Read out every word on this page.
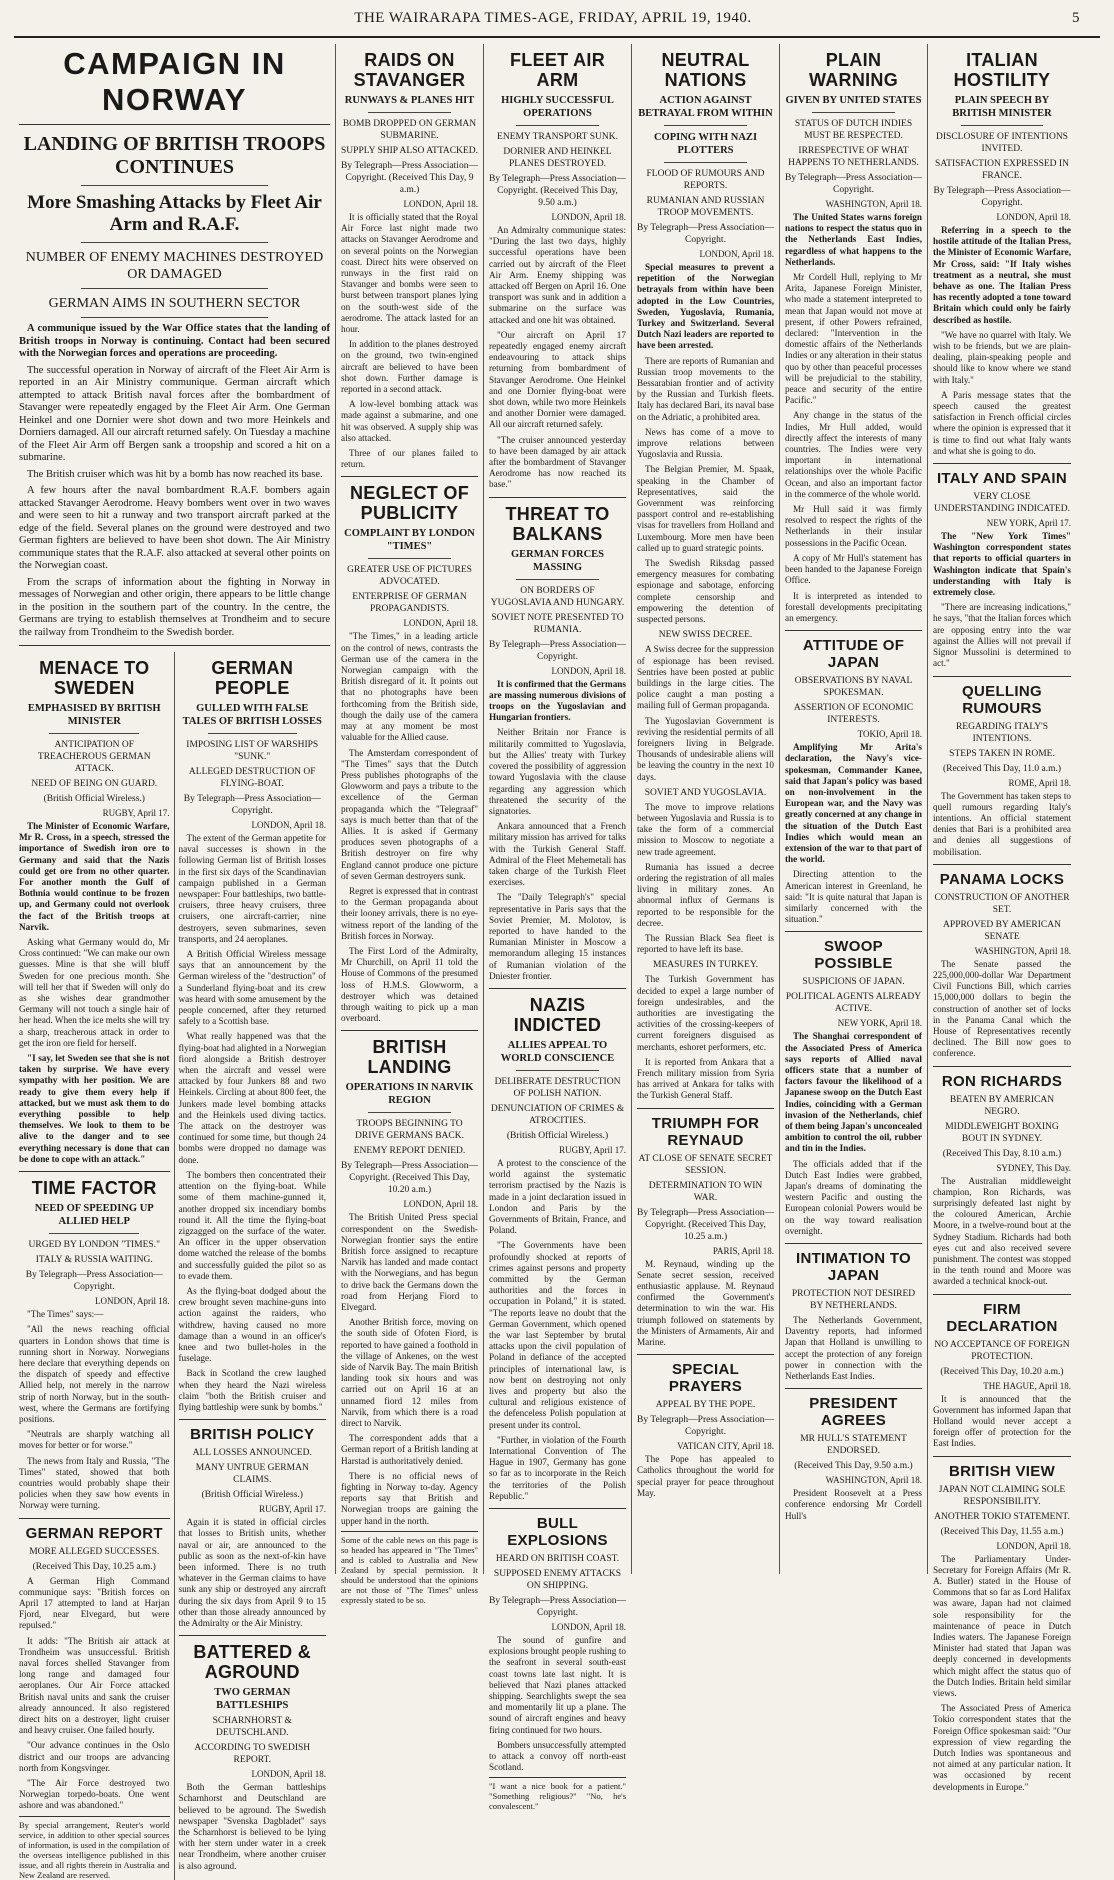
THE WAIRARAPA TIMES-AGE, FRIDAY, APRIL 19, 1940.	5
CAMPAIGN IN NORWAY
LANDING OF BRITISH TROOPS CONTINUES
More Smashing Attacks by Fleet Air Arm and R.A.F.
NUMBER OF ENEMY MACHINES DESTROYED OR DAMAGED
GERMAN AIMS IN SOUTHERN SECTOR

A communique issued by the War Office states that the landing of British troops in Norway is continuing. Contact had been secured with the Norwegian forces and operations are proceeding.

The successful operation in Norway of aircraft of the Fleet Air Arm is reported in an Air Ministry communique. German aircraft which attempted to attack British naval forces after the bombardment of Stavanger were repeatedly engaged by the Fleet Air Arm. One German Heinkel and one Dornier were shot down and two more Heinkels and Dorniers damaged. All our aircraft returned safely. On Tuesday a machine of the Fleet Air Arm off Bergen sank a troopship and scored a hit on a submarine.

The British cruiser which was hit by a bomb has now reached its base.

A few hours after the naval bombardment R.A.F. bombers again attacked Stavanger Aerodrome. Heavy bombers went over in two waves and were seen to hit a runway and two transport aircraft parked at the edge of the field. Several planes on the ground were destroyed and two German fighters are believed to have been shot down. The Air Ministry communique states that the R.A.F. also attacked at several other points on the Norwegian coast.

From the scraps of information about the fighting in Norway in messages of Norwegian and other origin, there appears to be little change in the position in the southern part of the country. In the centre, the Germans are trying to establish themselves at Trondheim and to secure the railway from Trondheim to the Swedish border.

MENACE TO SWEDEN
EMPHASISED BY BRITISH MINISTER
ANTICIPATION OF TREACHEROUS GERMAN ATTACK.
NEED OF BEING ON GUARD.
(British Official Wireless.)
RUGBY, April 17.

The Minister of Economic Warfare, Mr R. Cross, in a speech, stressed the importance of Swedish iron ore to Germany and said that the Nazis could get ore from no other quarter. For another month the Gulf of Bothnia would continue to be frozen up, and Germany could not overlook the fact of the British troops at Narvik.

Asking what Germany would do, Mr Cross continued: "We can make our own guesses. Mine is that she will bluff Sweden for one precious month. She will tell her that if Sweden will only do as she wishes dear grandmother Germany will not touch a single hair of her head. When the ice melts she will try a sharp, treacherous attack in order to get the iron ore field for herself.

"I say, let Sweden see that she is not taken by surprise. We have every sympathy with her position. We are ready to give them every help if attacked, but we must ask them to do everything possible to help themselves. We look to them to be alive to the danger and to see everything necessary is done that can be done to cope with an attack."

TIME FACTOR
NEED OF SPEEDING UP ALLIED HELP
URGED BY LONDON "TIMES."
ITALY & RUSSIA WAITING.
By Telegraph—Press Association—Copyright.
LONDON, April 18.

"The Times" says:—

"All the news reaching official quarters in London shows that time is running short in Norway. Norwegians here declare that everything depends on the dispatch of speedy and effective Allied help, not merely in the narrow strip of north Norway, but in the south-west, where the Germans are fortifying positions.

"Neutrals are sharply watching all moves for better or for worse."

The news from Italy and Russia, "The Times" stated, showed that both countries would probably shape their policies when they saw how events in Norway were turning.

GERMAN REPORT
MORE ALLEGED SUCCESSES.
(Received This Day, 10.25 a.m.)

A German High Command communique says: "British forces on April 17 attempted to land at Harjan Fjord, near Elvegard, but were repulsed."

It adds: "The British air attack at Trondheim was unsuccessful. British naval forces shelled Stavanger from long range and damaged four aeroplanes. Our Air Force attacked British naval units and sank the cruiser already announced. It also registered direct hits on a destroyer, light cruiser and heavy cruiser. One failed hourly.

"Our advance continues in the Oslo district and our troops are advancing north from Kongsvinger.

"The Air Force destroyed two Norwegian torpedo-boats. One went ashore and was abandoned."

By special arrangement, Reuter's world service, in addition to other special sources of information, is used in the compilation of the overseas intelligence published in this issue, and all rights therein in Australia and New Zealand are reserved.
GERMAN PEOPLE
GULLED WITH FALSE TALES OF BRITISH LOSSES
IMPOSING LIST OF WARSHIPS "SUNK."
ALLEGED DESTRUCTION OF FLYING-BOAT.
By Telegraph—Press Association—Copyright.
LONDON, April 18.

The extent of the German appetite for naval successes is shown in the following German list of British losses in the first six days of the Scandinavian campaign published in a German newspaper: Four battleships, two battle-cruisers, three heavy cruisers, three cruisers, one aircraft-carrier, nine destroyers, seven submarines, seven transports, and 24 aeroplanes.

A British Official Wireless message says that an announcement by the German wireless of the "destruction" of a Sunderland flying-boat and its crew was heard with some amusement by the people concerned, after they returned safely to a Scottish base.

What really happened was that the flying-boat had alighted in a Norwegian fiord alongside a British destroyer when the aircraft and vessel were attacked by four Junkers 88 and two Heinkels. Circling at about 800 feet, the Junkers made level bombing attacks and the Heinkels used diving tactics. The attack on the destroyer was continued for some time, but though 24 bombs were dropped no damage was done.

The bombers then concentrated their attention on the flying-boat. While some of them machine-gunned it, another dropped six incendiary bombs round it. All the time the flying-boat zigzagged on the surface of the water. An officer in the upper observation dome watched the release of the bombs and successfully guided the pilot so as to evade them.

As the flying-boat dodged about the crew brought seven machine-guns into action against the raiders, who withdrew, having caused no more damage than a wound in an officer's knee and two bullet-holes in the fuselage.

Back in Scotland the crew laughed when they heard the Nazi wireless claim "both the British cruiser and flying battleship were sunk by bombs."

BRITISH POLICY
ALL LOSSES ANNOUNCED.
MANY UNTRUE GERMAN CLAIMS.
(British Official Wireless.)
RUGBY, April 17.

Again it is stated in official circles that losses to British units, whether naval or air, are announced to the public as soon as the next-of-kin have been informed. There is no truth whatever in the German claims to have sunk any ship or destroyed any aircraft during the six days from April 9 to 15 other than those already announced by the Admiralty or the Air Ministry.

BATTERED & AGROUND
TWO GERMAN BATTLESHIPS
SCHARNHORST & DEUTSCHLAND.
ACCORDING TO SWEDISH REPORT.
LONDON, April 18.

Both the German battleships Scharnhorst and Deutschland are believed to be aground. The Swedish newspaper "Svenska Dagbladet" says the Scharnhorst is believed to be lying with her stern under water in a creek near Trondheim, where another cruiser is also aground.

RAIDS ON STAVANGER
RUNWAYS & PLANES HIT
BOMB DROPPED ON GERMAN SUBMARINE.
SUPPLY SHIP ALSO ATTACKED.
By Telegraph—Press Association—Copyright. (Received This Day, 9 a.m.)
LONDON, April 18.

It is officially stated that the Royal Air Force last night made two attacks on Stavanger Aerodrome and on several points on the Norwegian coast. Direct hits were observed on runways in the first raid on Stavanger and bombs were seen to burst between transport planes lying on the south-west side of the aerodrome. The attack lasted for an hour.

In addition to the planes destroyed on the ground, two twin-engined aircraft are believed to have been shot down. Further damage is reported in a second attack.

A low-level bombing attack was made against a submarine, and one hit was observed. A supply ship was also attacked.

Three of our planes failed to return.

NEGLECT OF PUBLICITY
COMPLAINT BY LONDON "TIMES"
GREATER USE OF PICTURES ADVOCATED.
ENTERPRISE OF GERMAN PROPAGANDISTS.
LONDON, April 18.

"The Times," in a leading article on the control of news, contrasts the German use of the camera in the Norwegian campaign with the British disregard of it. It points out that no photographs have been forthcoming from the British side, though the daily use of the camera may at any moment be most valuable for the Allied cause.

The Amsterdam correspondent of "The Times" says that the Dutch Press publishes photographs of the Glowworm and pays a tribute to the excellence of the German propaganda which the "Telegraaf" says is much better than that of the Allies. It is asked if Germany produces seven photographs of a British destroyer on fire why England cannot produce one picture of seven German destroyers sunk.

Regret is expressed that in contrast to the German propaganda about their looney arrivals, there is no eye-witness report of the landing of the British forces in Norway.

The First Lord of the Admiralty, Mr Churchill, on April 11 told the House of Commons of the presumed loss of H.M.S. Glowworm, a destroyer which was detained through waiting to pick up a man overboard.

BRITISH LANDING
OPERATIONS IN NARVIK REGION
TROOPS BEGINNING TO DRIVE GERMANS BACK.
ENEMY REPORT DENIED.
By Telegraph—Press Association—Copyright. (Received This Day, 10.20 a.m.)
LONDON, April 18.

The British United Press special correspondent on the Swedish-Norwegian frontier says the entire British force assigned to recapture Narvik has landed and made contact with the Norwegians, and has begun to drive back the Germans down the road from Herjang Fiord to Elvegard.

Another British force, moving on the south side of Ofoten Fiord, is reported to have gained a foothold in the village of Ankenes, on the west side of Narvik Bay. The main British landing took six hours and was carried out on April 16 at an unnamed fiord 12 miles from Narvik, from which there is a road direct to Narvik.

The correspondent adds that a German report of a British landing at Harstad is authoritatively denied.

There is no official news of fighting in Norway to-day. Agency reports say that British and Norwegian troops are gaining the upper hand in the north.

Some of the cable news on this page is so headed has appeared in "The Times" and is cabled to Australia and New Zealand by special permission. It should be understood that the opinions are not those of "The Times" unless expressly stated to be so.
FLEET AIR ARM
HIGHLY SUCCESSFUL OPERATIONS
ENEMY TRANSPORT SUNK.
DORNIER AND HEINKEL PLANES DESTROYED.
By Telegraph—Press Association—Copyright. (Received This Day, 9.50 a.m.)
LONDON, April 18.

An Admiralty communique states: "During the last two days, highly successful operations have been carried out by aircraft of the Fleet Air Arm. Enemy shipping was attacked off Bergen on April 16. One transport was sunk and in addition a submarine on the surface was attacked and one hit was obtained.

"Our aircraft on April 17 repeatedly engaged enemy aircraft endeavouring to attack ships returning from bombardment of Stavanger Aerodrome. One Heinkel and one Dornier flying-boat were shot down, while two more Heinkels and another Dornier were damaged. All our aircraft returned safely.

"The cruiser announced yesterday to have been damaged by air attack after the bombardment of Stavanger Aerodrome has now reached its base."

THREAT TO BALKANS
GERMAN FORCES MASSING
ON BORDERS OF YUGOSLAVIA AND HUNGARY.
SOVIET NOTE PRESENTED TO RUMANIA.
By Telegraph—Press Association—Copyright.
LONDON, April 18.

It is confirmed that the Germans are massing numerous divisions of troops on the Yugoslavian and Hungarian frontiers.

Neither Britain nor France is militarily committed to Yugoslavia, but the Allies' treaty with Turkey covered the possibility of aggression toward Yugoslavia with the clause regarding any aggression which threatened the security of the signatories.

Ankara announced that a French military mission has arrived for talks with the Turkish General Staff. Admiral of the Fleet Mehemetali has taken charge of the Turkish Fleet exercises.

The "Daily Telegraph's" special representative in Paris says that the Soviet Premier, M. Molotov, is reported to have handed to the Rumanian Minister in Moscow a memorandum alleging 15 instances of Rumanian violation of the Dniester frontier.

NAZIS INDICTED
ALLIES APPEAL TO WORLD CONSCIENCE
DELIBERATE DESTRUCTION OF POLISH NATION.
DENUNCIATION OF CRIMES & ATROCITIES.
(British Official Wireless.)
RUGBY, April 17.

A protest to the conscience of the world against the systematic terrorism practised by the Nazis is made in a joint declaration issued in London and Paris by the Governments of Britain, France, and Poland.

"The Governments have been profoundly shocked at reports of crimes against persons and property committed by the German authorities and the forces in occupation in Poland," it is stated. "The reports leave no doubt that the German Government, which opened the war last September by brutal attacks upon the civil population of Poland in defiance of the accepted principles of international law, is now bent on destroying not only lives and property but also the cultural and religious existence of the defenceless Polish population at present under its control.

"Further, in violation of the Fourth International Convention of The Hague in 1907, Germany has gone so far as to incorporate in the Reich the territories of the Polish Republic."

BULL EXPLOSIONS
HEARD ON BRITISH COAST.
SUPPOSED ENEMY ATTACKS ON SHIPPING.
By Telegraph—Press Association—Copyright.
LONDON, April 18.

The sound of gunfire and explosions brought people rushing to the seafront in several south-east coast towns late last night. It is believed that Nazi planes attacked shipping. Searchlights swept the sea and momentarily lit up a plane. The sound of aircraft engines and heavy firing continued for two hours.

Bombers unsuccessfully attempted to attack a convoy off north-east Scotland.

"I want a nice book for a patient." "Something religious?" "No, he's convalescent."
NEUTRAL NATIONS
ACTION AGAINST BETRAYAL FROM WITHIN
COPING WITH NAZI PLOTTERS
FLOOD OF RUMOURS AND REPORTS.
RUMANIAN AND RUSSIAN TROOP MOVEMENTS.
By Telegraph—Press Association—Copyright.
LONDON, April 18.

Special measures to prevent a repetition of the Norwegian betrayals from within have been adopted in the Low Countries, Sweden, Yugoslavia, Rumania, Turkey and Switzerland. Several Dutch Nazi leaders are reported to have been arrested.

There are reports of Rumanian and Russian troop movements to the Bessarabian frontier and of activity by the Russian and Turkish fleets. Italy has declared Bari, its naval base on the Adriatic, a prohibited area.

News has come of a move to improve relations between Yugoslavia and Russia.

The Belgian Premier, M. Spaak, speaking in the Chamber of Representatives, said the Government was reinforcing passport control and re-establishing visas for travellers from Holland and Luxembourg. More men have been called up to guard strategic points.

The Swedish Riksdag passed emergency measures for combating espionage and sabotage, enforcing complete censorship and empowering the detention of suspected persons.

NEW SWISS DECREE.

A Swiss decree for the suppression of espionage has been revised. Sentries have been posted at public buildings in the large cities. The police caught a man posting a mailing full of German propaganda.

The Yugoslavian Government is reviving the residential permits of all foreigners living in Belgrade. Thousands of undesirable aliens will be leaving the country in the next 10 days.

SOVIET AND YUGOSLAVIA.

The move to improve relations between Yugoslavia and Russia is to take the form of a commercial mission to Moscow to negotiate a new trade agreement.

Rumania has issued a decree ordering the registration of all males living in military zones. An abnormal influx of Germans is reported to be responsible for the decree.

The Russian Black Sea fleet is reported to have left its base.

MEASURES IN TURKEY.

The Turkish Government has decided to expel a large number of foreign undesirables, and the authorities are investigating the activities of the crossing-keepers of current foreigners disguised as merchants, eshoret performers, etc.

It is reported from Ankara that a French military mission from Syria has arrived at Ankara for talks with the Turkish General Staff.

TRIUMPH FOR REYNAUD
AT CLOSE OF SENATE SECRET SESSION.
DETERMINATION TO WIN WAR.
By Telegraph—Press Association—Copyright. (Received This Day, 10.25 a.m.)
PARIS, April 18.

M. Reynaud, winding up the Senate secret session, received enthusiastic applause. M. Reynaud confirmed the Government's determination to win the war. His triumph followed on statements by the Ministers of Armaments, Air and Marine.

SPECIAL PRAYERS
APPEAL BY THE POPE.
By Telegraph—Press Association—Copyright.
VATICAN CITY, April 18.

The Pope has appealed to Catholics throughout the world for special prayer for peace throughout May.

PLAIN WARNING
GIVEN BY UNITED STATES
STATUS OF DUTCH INDIES MUST BE RESPECTED.
IRRESPECTIVE OF WHAT HAPPENS TO NETHERLANDS.
By Telegraph—Press Association—Copyright.
WASHINGTON, April 18.

The United States warns foreign nations to respect the status quo in the Netherlands East Indies, regardless of what happens to the Netherlands.

Mr Cordell Hull, replying to Mr Arita, Japanese Foreign Minister, who made a statement interpreted to mean that Japan would not move at present, if other Powers refrained, declared: "Intervention in the domestic affairs of the Netherlands Indies or any alteration in their status quo by other than peaceful processes will be prejudicial to the stability, peace and security of the entire Pacific."

Any change in the status of the Indies, Mr Hull added, would directly affect the interests of many countries. The Indies were very important in international relationships over the whole Pacific Ocean, and also an important factor in the commerce of the whole world.

Mr Hull said it was firmly resolved to respect the rights of the Netherlands in their insular possessions in the Pacific Ocean.

A copy of Mr Hull's statement has been handed to the Japanese Foreign Office.

It is interpreted as intended to forestall developments precipitating an emergency.

ATTITUDE OF JAPAN
OBSERVATIONS BY NAVAL SPOKESMAN.
ASSERTION OF ECONOMIC INTERESTS.
TOKIO, April 18.

Amplifying Mr Arita's declaration, the Navy's vice-spokesman, Commander Kanee, said that Japan's policy was based on non-involvement in the European war, and the Navy was greatly concerned at any change in the situation of the Dutch East Indies which would mean an extension of the war to that part of the world.

Directing attention to the American interest in Greenland, he said: "It is quite natural that Japan is similarly concerned with the situation."

SWOOP POSSIBLE
SUSPICIONS OF JAPAN.
POLITICAL AGENTS ALREADY ACTIVE.
NEW YORK, April 18.

The Shanghai correspondent of the Associated Press of America says reports of Allied naval officers state that a number of factors favour the likelihood of a Japanese swoop on the Dutch East Indies, coinciding with a German invasion of the Netherlands, chief of them being Japan's unconcealed ambition to control the oil, rubber and tin in the Indies.

The officials added that if the Dutch East Indies were grabbed, Japan's dreams of dominating the western Pacific and ousting the European colonial Powers would be on the way toward realisation overnight.

INTIMATION TO JAPAN
PROTECTION NOT DESIRED BY NETHERLANDS.

The Netherlands Government, Daventry reports, had informed Japan that Holland is unwilling to accept the protection of any foreign power in connection with the Netherlands East Indies.

PRESIDENT AGREES
MR HULL'S STATEMENT ENDORSED.
(Received This Day, 9.50 a.m.)
WASHINGTON, April 18.

President Roosevelt at a Press conference endorsing Mr Cordell Hull's

ITALIAN HOSTILITY
PLAIN SPEECH BY BRITISH MINISTER
DISCLOSURE OF INTENTIONS INVITED.
SATISFACTION EXPRESSED IN FRANCE.
By Telegraph—Press Association—Copyright.
LONDON, April 18.

Referring in a speech to the hostile attitude of the Italian Press, the Minister of Economic Warfare, Mr Cross, said: "If Italy wishes treatment as a neutral, she must behave as one. The Italian Press has recently adopted a tone toward Britain which could only be fairly described as hostile.

"We have no quarrel with Italy. We wish to be friends, but we are plain-dealing, plain-speaking people and should like to know where we stand with Italy."

A Paris message states that the speech caused the greatest satisfaction in French official circles where the opinion is expressed that it is time to find out what Italy wants and what she is going to do.

ITALY AND SPAIN
VERY CLOSE UNDERSTANDING INDICATED.
NEW YORK, April 17.

The "New York Times" Washington correspondent states that reports to official quarters in Washington indicate that Spain's understanding with Italy is extremely close.

"There are increasing indications," he says, "that the Italian forces which are opposing entry into the war against the Allies will not prevail if Signor Mussolini is determined to act."

QUELLING RUMOURS
REGARDING ITALY'S INTENTIONS.
STEPS TAKEN IN ROME.
(Received This Day, 11.0 a.m.)
ROME, April 18.

The Government has taken steps to quell rumours regarding Italy's intentions. An official statement denies that Bari is a prohibited area and denies all suggestions of mobilisation.

PANAMA LOCKS
CONSTRUCTION OF ANOTHER SET.
APPROVED BY AMERICAN SENATE
WASHINGTON, April 18.

The Senate passed the 225,000,000-dollar War Department Civil Functions Bill, which carries 15,000,000 dollars to begin the construction of another set of locks in the Panama Canal which the House of Representatives recently declined. The Bill now goes to conference.

RON RICHARDS
BEATEN BY AMERICAN NEGRO.
MIDDLEWEIGHT BOXING BOUT IN SYDNEY.
(Received This Day, 8.10 a.m.)
SYDNEY, This Day.

The Australian middleweight champion, Ron Richards, was surprisingly defeated last night by the coloured American, Archie Moore, in a twelve-round bout at the Sydney Stadium. Richards had both eyes cut and also received severe punishment. The contest was stopped in the tenth round and Moore was awarded a technical knock-out.

FIRM DECLARATION
NO ACCEPTANCE OF FOREIGN PROTECTION.
(Received This Day, 10.20 a.m.)
THE HAGUE, April 18.

It is announced that the Government has informed Japan that Holland would never accept a foreign offer of protection for the East Indies.

BRITISH VIEW
JAPAN NOT CLAIMING SOLE RESPONSIBILITY.
ANOTHER TOKIO STATEMENT.
(Received This Day, 11.55 a.m.)
LONDON, April 18.

The Parliamentary Under-Secretary for Foreign Affairs (Mr R. A. Butler) stated in the House of Commons that so far as Lord Halifax was aware, Japan had not claimed sole responsibility for the maintenance of peace in Dutch Indies waters. The Japanese Foreign Minister had stated that Japan was deeply concerned in developments which might affect the status quo of the Dutch Indies. Britain held similar views.

The Associated Press of America Tokio correspondent states that the Foreign Office spokesman said: "Our expression of view regarding the Dutch Indies was spontaneous and not aimed at any particular nation. It was occasioned by recent developments in Europe."
